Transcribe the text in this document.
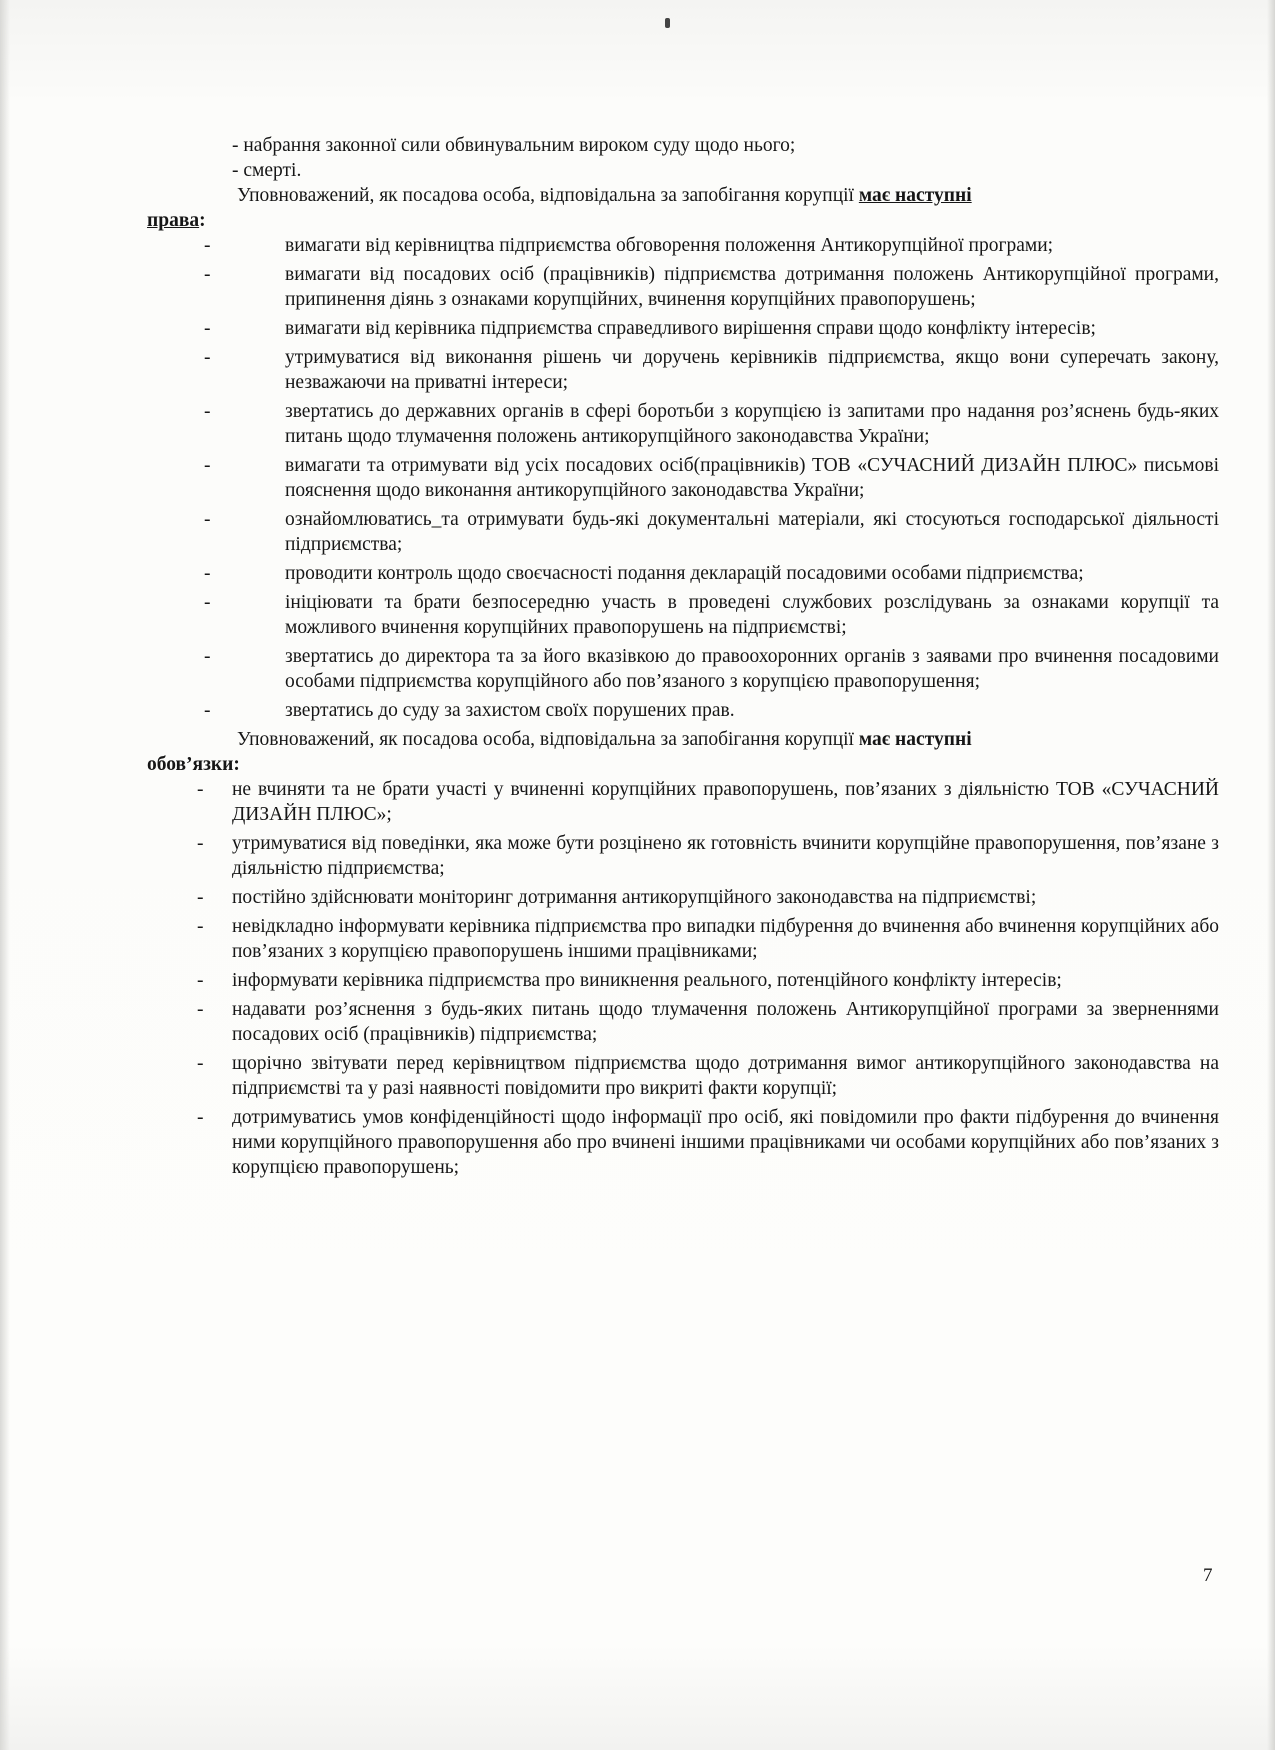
- набрання законної сили обвинувальним вироком суду щодо нього;

- смерті.

Уповноважений, як посадова особа, відповідальна за запобігання корупції має наступні

права:

-	вимагати від керівництва підприємства обговорення положення Антикорупційної програми;
-	вимагати від посадових осіб (працівників) підприємства дотримання положень Антикорупційної програми, припинення діянь з ознаками корупційних, вчинення корупційних правопорушень;
-	вимагати від керівника підприємства справедливого вирішення справи щодо конфлікту інтересів;
-	утримуватися від виконання рішень чи доручень керівників підприємства, якщо вони суперечать закону, незважаючи на приватні інтереси;
-	звертатись до державних органів в сфері боротьби з корупцією із запитами про надання роз’яснень будь-яких питань щодо тлумачення положень антикорупційного законодавства України;
-	вимагати та отримувати від усіх посадових осіб(працівників) ТОВ «СУЧАСНИЙ ДИЗАЙН ПЛЮС» письмові пояснення щодо виконання антикорупційного законодавства України;
-	ознайомлюватись_та отримувати будь-які документальні матеріали, які стосуються господарської діяльності підприємства;
-	проводити контроль щодо своєчасності подання декларацій посадовими особами підприємства;
-	ініціювати та брати безпосередню участь в проведені службових розслідувань за ознаками корупції та можливого вчинення корупційних правопорушень на підприємстві;
-	звертатись до директора та за його вказівкою до правоохоронних органів з заявами про вчинення посадовими особами підприємства корупційного або пов’язаного з корупцією правопорушення;
-	звертатись до суду за захистом своїх порушених прав.

Уповноважений, як посадова особа, відповідальна за запобігання корупції має наступні

обов’язки:

- не вчиняти та не брати участі у вчиненні корупційних правопорушень, пов’язаних з діяльністю ТОВ «СУЧАСНИЙ ДИЗАЙН ПЛЮС»;
- утримуватися від поведінки, яка може бути розцінено як готовність вчинити корупційне правопорушення, пов’язане з діяльністю підприємства;
- постійно здійснювати моніторинг дотримання антикорупційного законодавства на підприємстві;
- невідкладно інформувати керівника підприємства про випадки підбурення до вчинення або вчинення корупційних або пов’язаних з корупцією правопорушень іншими працівниками;
- інформувати керівника підприємства про виникнення реального, потенційного конфлікту інтересів;
- надавати роз’яснення з будь-яких питань щодо тлумачення положень Антикорупційної програми за зверненнями посадових осіб (працівників) підприємства;
- щорічно звітувати перед керівництвом підприємства щодо дотримання вимог антикорупційного законодавства на підприємстві та у разі наявності повідомити про викриті факти корупції;
- дотримуватись умов конфіденційності щодо інформації про осіб, які повідомили про факти підбурення до вчинення ними корупційного правопорушення або про вчинені іншими працівниками чи особами корупційних або пов’язаних з корупцією правопорушень;
7
